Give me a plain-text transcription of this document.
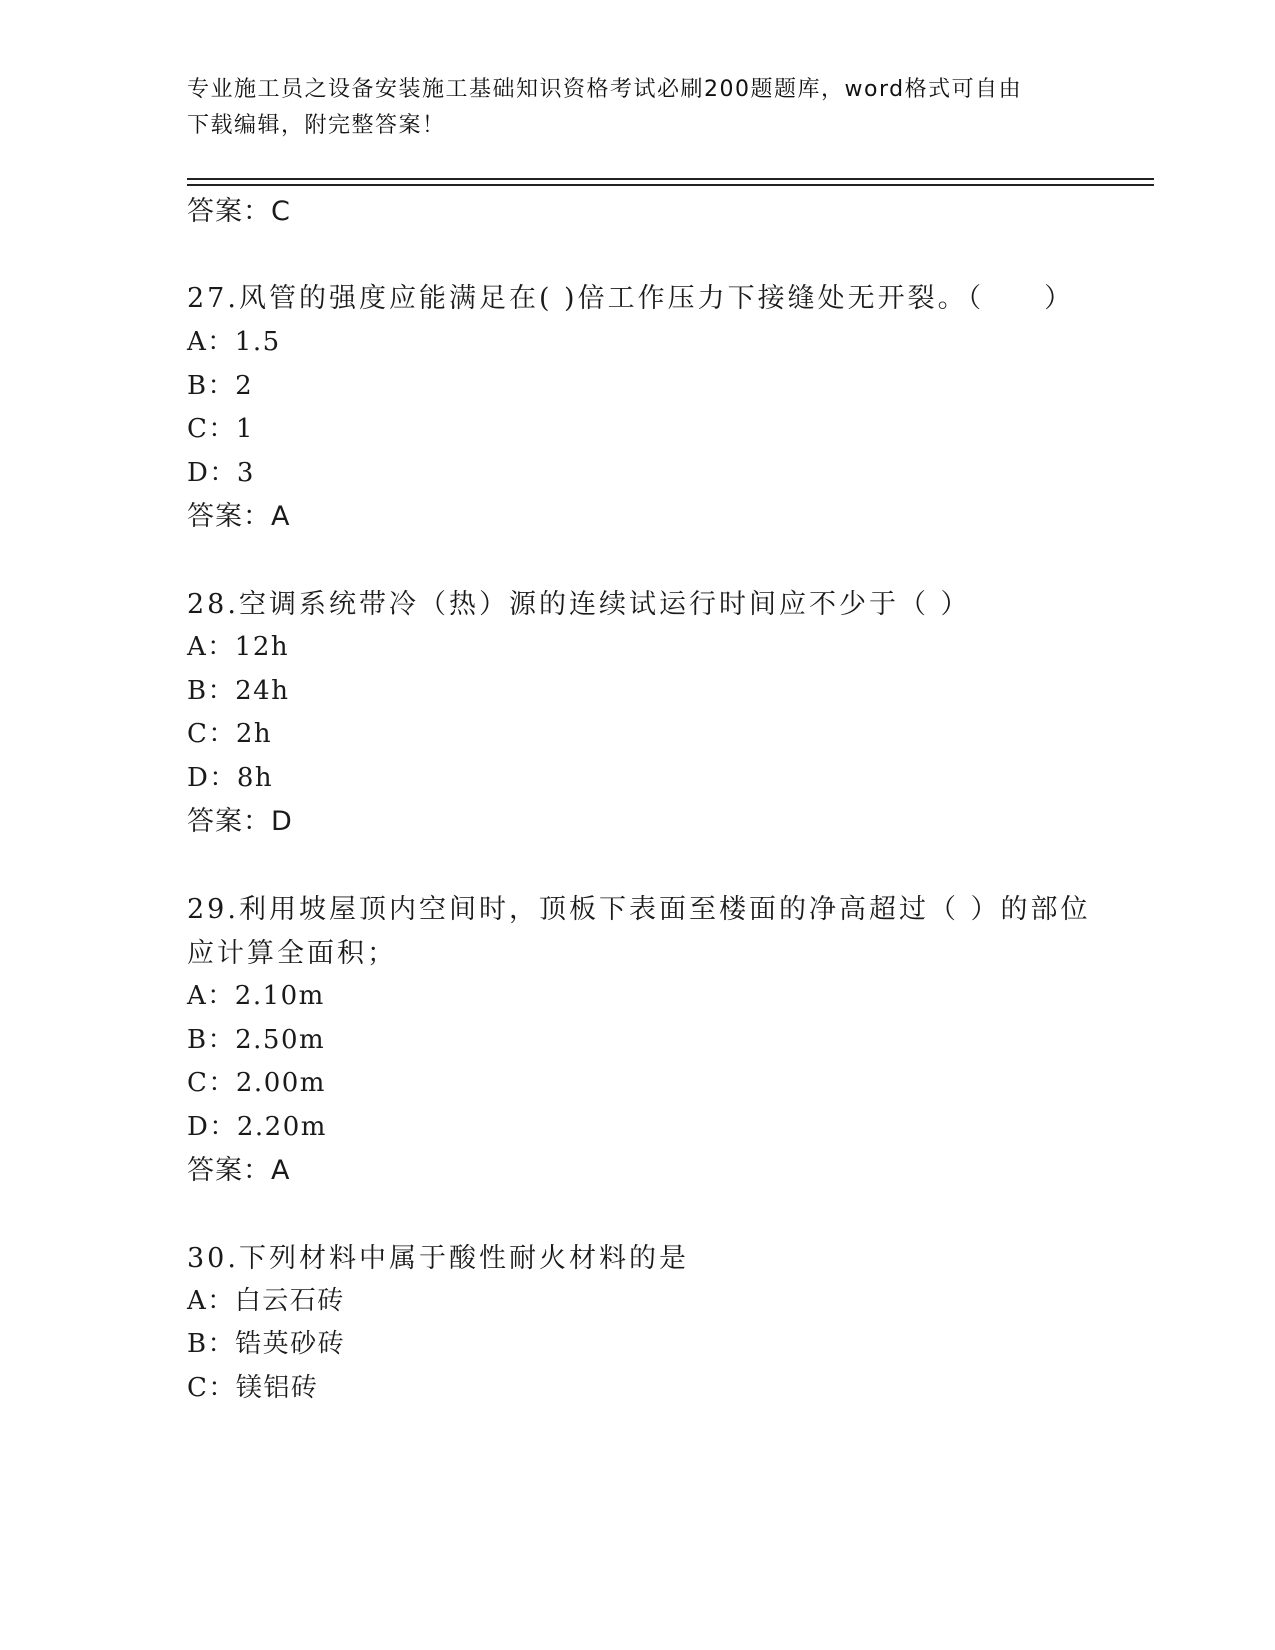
专业施工员之设备安装施工基础知识资格考试必刷200题题库，word格式可自由
下载编辑，附完整答案！
答案：C
27.风管的强度应能满足在( )倍工作压力下接缝处无开裂。（　　）
A：1.5
B：2
C：1
D：3
答案：A
28.空调系统带冷（热）源的连续试运行时间应不少于（ ）
A：12h
B：24h
C：2h
D：8h
答案：D
29.利用坡屋顶内空间时，顶板下表面至楼面的净高超过（ ）的部位
应计算全面积；
A：2.10m
B：2.50m
C：2.00m
D：2.20m
答案：A
30.下列材料中属于酸性耐火材料的是
A：白云石砖
B：锆英砂砖
C：镁铝砖
